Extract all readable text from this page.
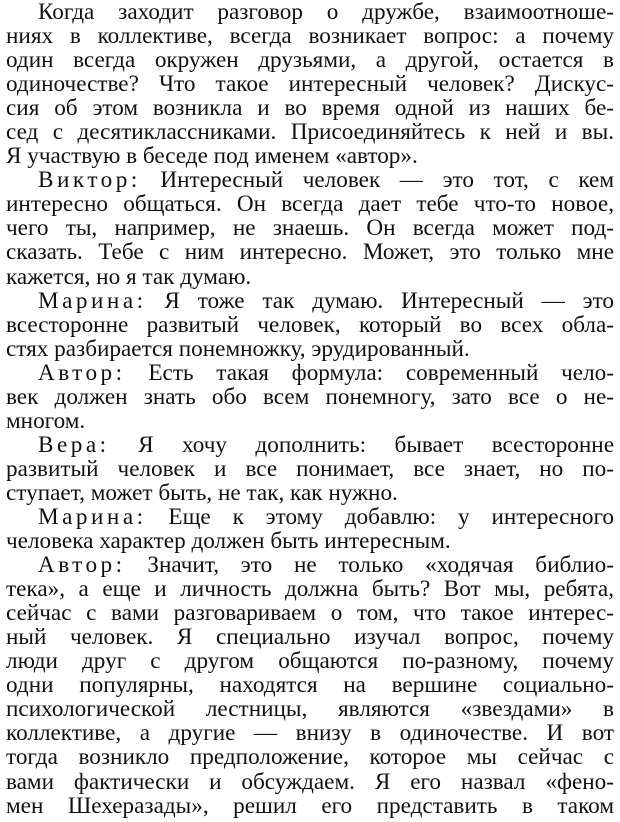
Когда заходит разговор о дружбе, взаимоотноше-
ниях в коллективе, всегда возникает вопрос: а почему
один всегда окружен друзьями, а другой, остается в
одиночестве? Что такое интересный человек? Дискус-
сия об этом возникла и во время одной из наших бе-
сед с десятиклассниками. Присоединяйтесь к ней и вы.
Я участвую в беседе под именем «автор».
Виктор: Интересный человек — это тот, с кем
интересно общаться. Он всегда дает тебе что-то новое,
чего ты, например, не знаешь. Он всегда может под-
сказать. Тебе с ним интересно. Может, это только мне
кажется, но я так думаю.
Марина: Я тоже так думаю. Интересный — это
всесторонне развитый человек, который во всех обла-
стях разбирается понемножку, эрудированный.
Автор: Есть такая формула: современный чело-
век должен знать обо всем понемногу, зато все о не-
многом.
Вера: Я хочу дополнить: бывает всесторонне
развитый человек и все понимает, все знает, но по-
ступает, может быть, не так, как нужно.
Марина: Еще к этому добавлю: у интересного
человека характер должен быть интересным.
Автор: Значит, это не только «ходячая библио-
тека», а еще и личность должна быть? Вот мы, ребята,
сейчас с вами разговариваем о том, что такое интерес-
ный человек. Я специально изучал вопрос, почему
люди друг с другом общаются по-разному, почему
одни популярны, находятся на вершине социально-
психологической лестницы, являются «звездами» в
коллективе, а другие — внизу в одиночестве. И вот
тогда возникло предположение, которое мы сейчас с
вами фактически и обсуждаем. Я его назвал «фено-
мен Шехеразады», решил его представить в таком
